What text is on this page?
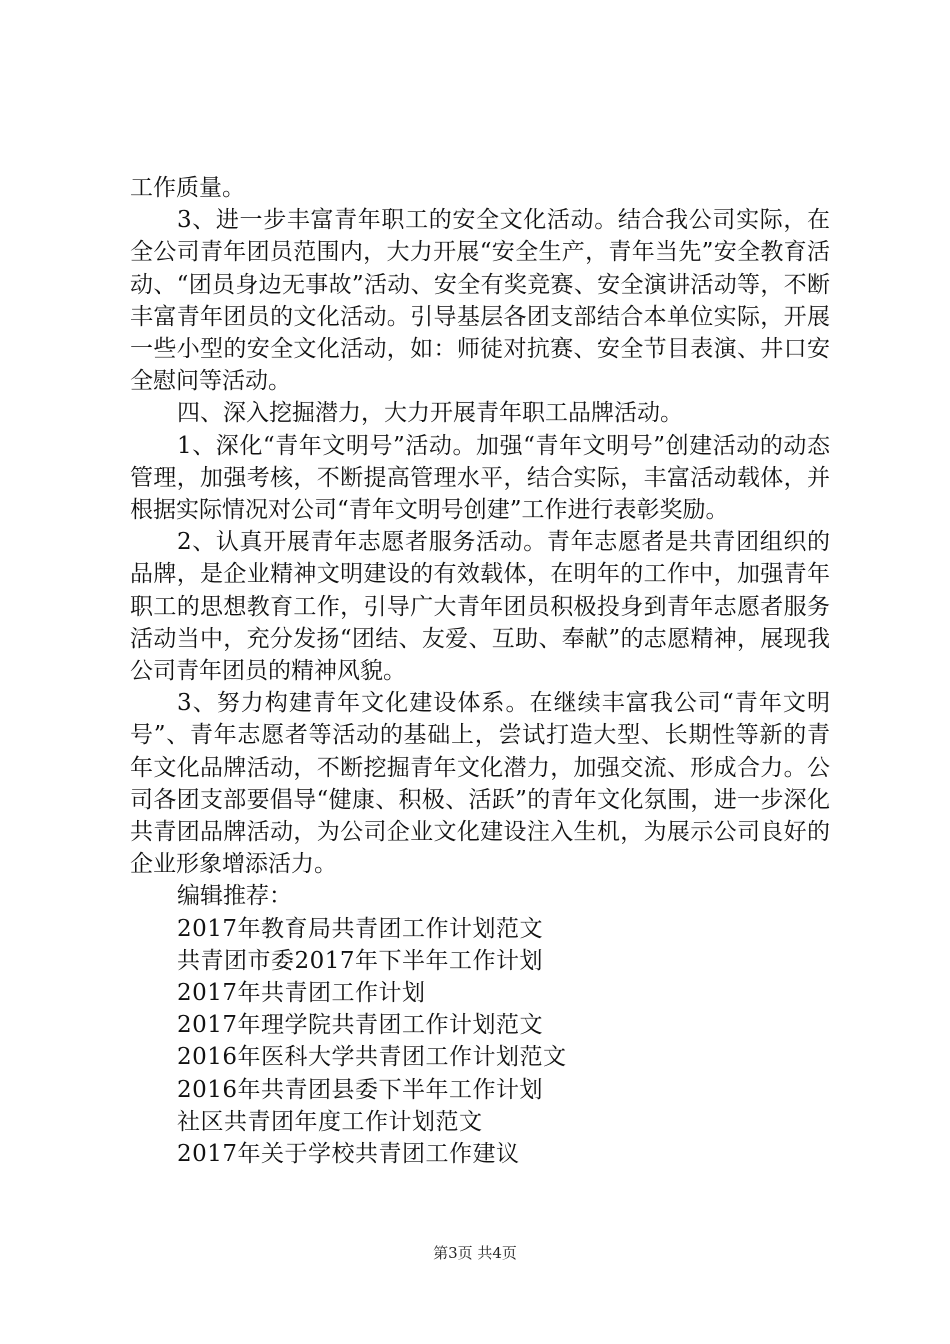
工作质量。

3、进一步丰富青年职工的安全文化活动。结合我公司实际，在全公司青年团员范围内，大力开展“安全生产，青年当先”安全教育活动、“团员身边无事故”活动、安全有奖竞赛、安全演讲活动等，不断丰富青年团员的文化活动。引导基层各团支部结合本单位实际，开展一些小型的安全文化活动，如：师徒对抗赛、安全节目表演、井口安全慰问等活动。

四、深入挖掘潜力，大力开展青年职工品牌活动。

1、深化“青年文明号”活动。加强“青年文明号”创建活动的动态管理，加强考核，不断提高管理水平，结合实际，丰富活动载体，并根据实际情况对公司“青年文明号创建”工作进行表彰奖励。

2、认真开展青年志愿者服务活动。青年志愿者是共青团组织的品牌，是企业精神文明建设的有效载体，在明年的工作中，加强青年职工的思想教育工作，引导广大青年团员积极投身到青年志愿者服务活动当中，充分发扬“团结、友爱、互助、奉献”的志愿精神，展现我公司青年团员的精神风貌。

3、努力构建青年文化建设体系。在继续丰富我公司“青年文明号”、青年志愿者等活动的基础上，尝试打造大型、长期性等新的青年文化品牌活动，不断挖掘青年文化潜力，加强交流、形成合力。公司各团支部要倡导“健康、积极、活跃”的青年文化氛围，进一步深化共青团品牌活动，为公司企业文化建设注入生机，为展示公司良好的企业形象增添活力。

编辑推荐：

2017年教育局共青团工作计划范文
共青团市委2017年下半年工作计划
2017年共青团工作计划
2017年理学院共青团工作计划范文
2016年医科大学共青团工作计划范文
2016年共青团县委下半年工作计划
社区共青团年度工作计划范文
2017年关于学校共青团工作建议
第3页 共4页
